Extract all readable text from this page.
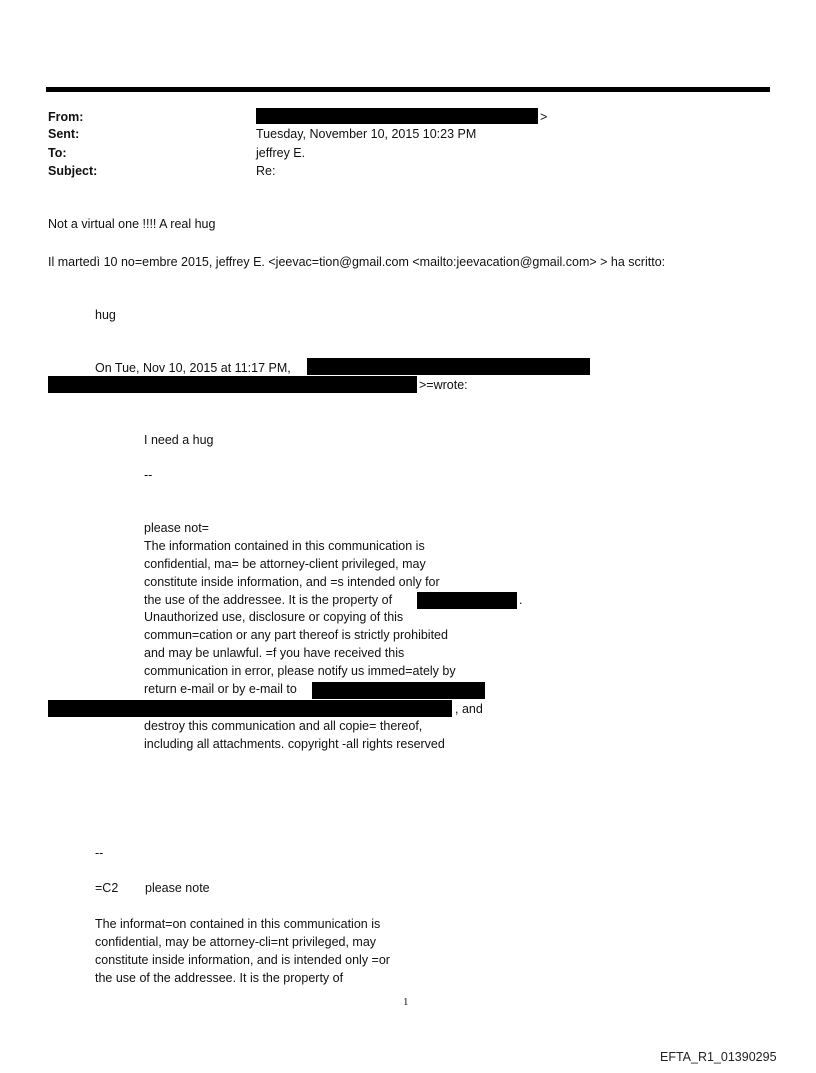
From:	>
Sent:	Tuesday, November 10, 2015 10:23 PM
To:	jeffrey E.
Subject:	Re:
Not a virtual one !!!! A real hug
Il martedì 10 no=embre 2015, jeffrey E. <jeevac=tion@gmail.com <mailto:jeevacation@gmail.com> > ha scritto:
hug
On Tue, Nov 10, 2015 at 11:17 PM,
>=wrote:
I need a hug
--
please not=
The information contained in this communication is
confidential, ma= be attorney-client privileged, may
constitute inside information, and =s intended only for
the use of the addressee. It is the property of
Unauthorized use, disclosure or copying of this
commun=cation or any part thereof is strictly prohibited
and may be unlawful. =f you have received this
communication in error, please notify us immed=ately by
return e-mail or by e-mail to
.
, and
destroy this communication and all copie= thereof,
including all attachments. copyright -all rights reserved
--
=C2 please note
The informat=on contained in this communication is
confidential, may be attorney-cli=nt privileged, may
constitute inside information, and is intended only =or
the use of the addressee. It is the property of
1
EFTA_R1_01390295
